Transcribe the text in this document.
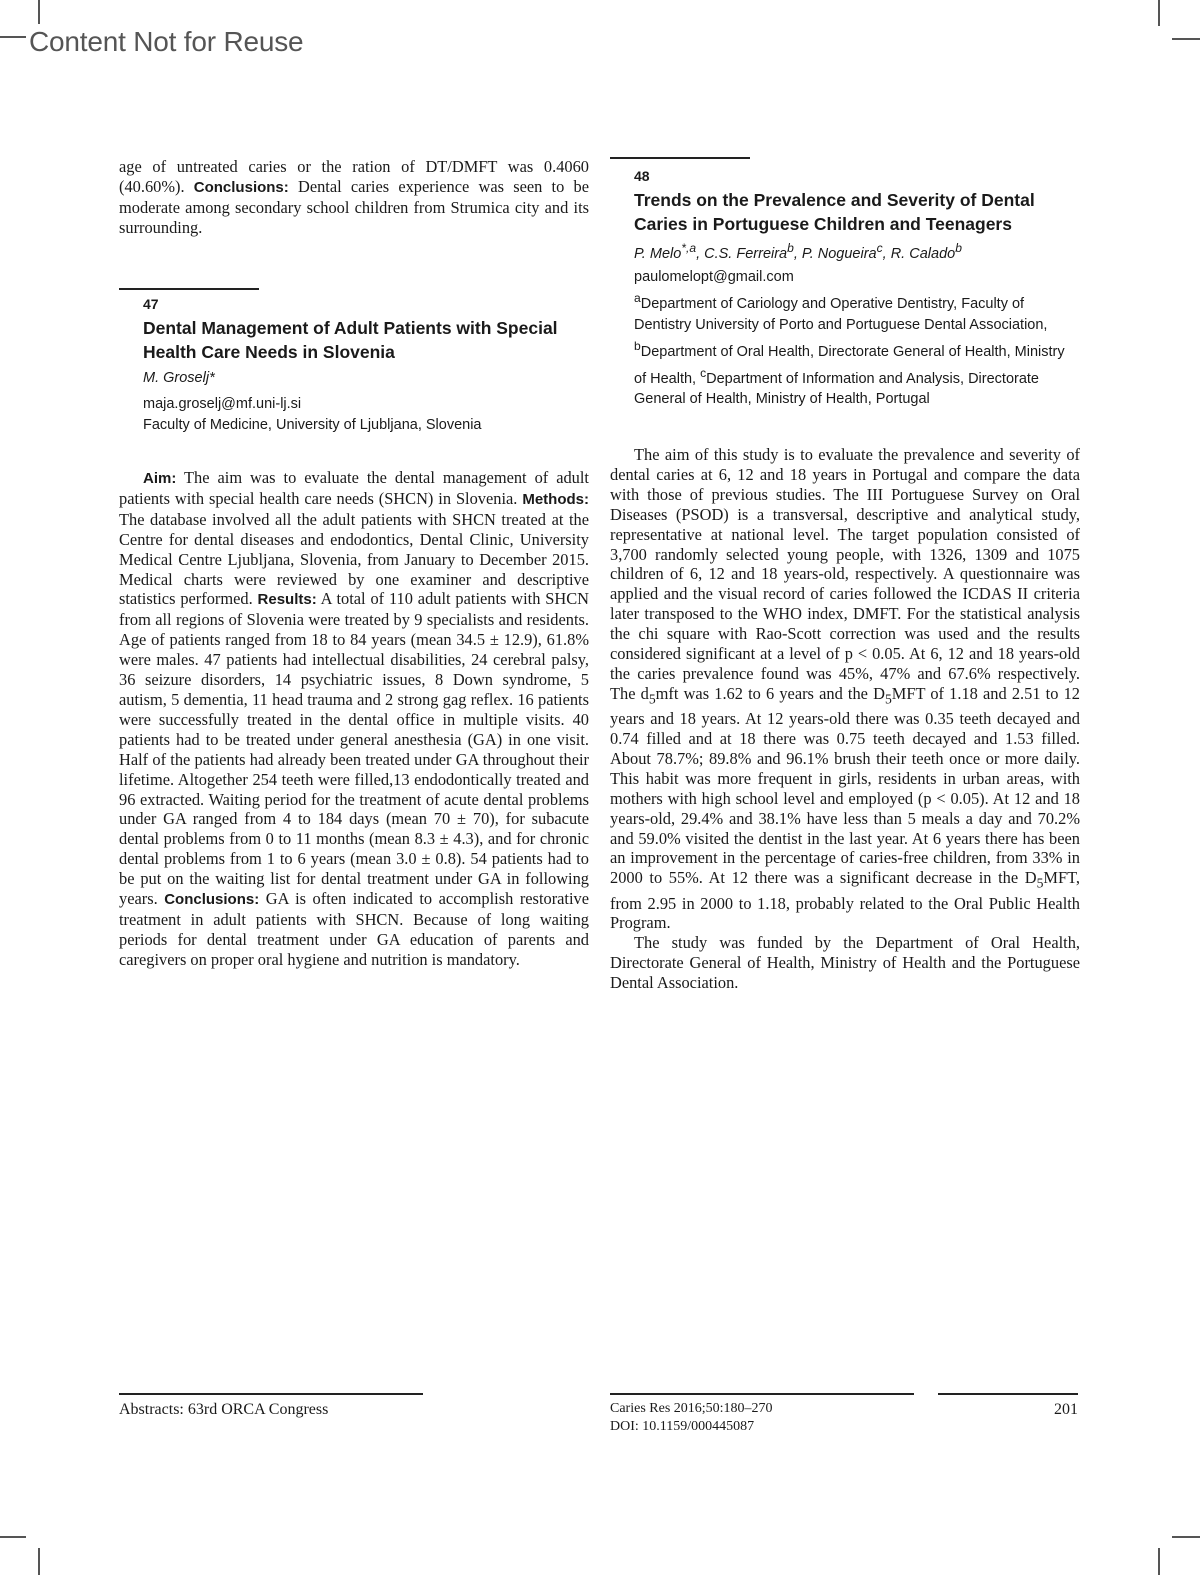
Content Not for Reuse

age of untreated caries or the ration of DT/DMFT was 0.4060 (40.60%). Conclusions: Dental caries experience was seen to be moderate among secondary school children from Strumica city and its surrounding.

47
Dental Management of Adult Patients with Special Health Care Needs in Slovenia
M. Groselj*
maja.groselj@mf.uni-lj.si
Faculty of Medicine, University of Ljubljana, Slovenia

Aim: The aim was to evaluate the dental management of adult patients with special health care needs (SHCN) in Slovenia. Methods: The database involved all the adult patients with SHCN treated at the Centre for dental diseases and endodontics, Dental Clinic, University Medical Centre Ljubljana, Slovenia, from January to December 2015. Medical charts were reviewed by one examiner and descriptive statistics performed. Results: A total of 110 adult patients with SHCN from all regions of Slovenia were treated by 9 specialists and residents. Age of patients ranged from 18 to 84 years (mean 34.5 ± 12.9), 61.8% were males. 47 patients had intellectual disabilities, 24 cerebral palsy, 36 seizure disorders, 14 psychiatric issues, 8 Down syndrome, 5 autism, 5 dementia, 11 head trauma and 2 strong gag reflex. 16 patients were successfully treated in the dental office in multiple visits. 40 patients had to be treated under general anesthesia (GA) in one visit. Half of the patients had already been treated under GA throughout their lifetime. Altogether 254 teeth were filled,13 endodontically treated and 96 extracted. Waiting period for the treatment of acute dental problems under GA ranged from 4 to 184 days (mean 70 ± 70), for subacute dental problems from 0 to 11 months (mean 8.3 ± 4.3), and for chronic dental problems from 1 to 6 years (mean 3.0 ± 0.8). 54 patients had to be put on the waiting list for dental treatment under GA in following years. Conclusions: GA is often indicated to accomplish restorative treatment in adult patients with SHCN. Because of long waiting periods for dental treatment under GA education of parents and caregivers on proper oral hygiene and nutrition is mandatory.

48
Trends on the Prevalence and Severity of Dental Caries in Portuguese Children and Teenagers
P. Melo$^{*,a}$, C.S. Ferreira$^b$, P. Nogueira$^c$, R. Calado$^b$
paulomelopt@gmail.com
$^a$Department of Cariology and Operative Dentistry, Faculty of Dentistry University of Porto and Portuguese Dental Association, $^b$Department of Oral Health, Directorate General of Health, Ministry of Health, $^c$Department of Information and Analysis, Directorate General of Health, Ministry of Health, Portugal

The aim of this study is to evaluate the prevalence and severity of dental caries at 6, 12 and 18 years in Portugal and compare the data with those of previous studies. The III Portuguese Survey on Oral Diseases (PSOD) is a transversal, descriptive and analytical study, representative at national level. The target population consisted of 3,700 randomly selected young people, with 1326, 1309 and 1075 children of 6, 12 and 18 years-old, respectively. A questionnaire was applied and the visual record of caries followed the ICDAS II criteria later transposed to the WHO index, DMFT. For the statistical analysis the chi square with Rao-Scott correction was used and the results considered significant at a level of p < 0.05. At 6, 12 and 18 years-old the caries prevalence found was 45%, 47% and 67.6% respectively. The $d_5mft$ was 1.62 to 6 years and the $D_5MFT$ of 1.18 and 2.51 to 12 years and 18 years. At 12 years-old there was 0.35 teeth decayed and 0.74 filled and at 18 there was 0.75 teeth decayed and 1.53 filled. About 78.7%; 89.8% and 96.1% brush their teeth once or more daily. This habit was more frequent in girls, residents in urban areas, with mothers with high school level and employed (p < 0.05). At 12 and 18 years-old, 29.4% and 38.1% have less than 5 meals a day and 70.2% and 59.0% visited the dentist in the last year. At 6 years there has been an improvement in the percentage of caries-free children, from 33% in 2000 to 55%. At 12 there was a significant decrease in the $D_5MFT$, from 2.95 in 2000 to 1.18, probably related to the Oral Public Health Program.

The study was funded by the Department of Oral Health, Directorate General of Health, Ministry of Health and the Portuguese Dental Association.

Abstracts: 63rd ORCA Congress	Caries Res 2016;50:180–270
DOI: 10.1159/000445087
201
